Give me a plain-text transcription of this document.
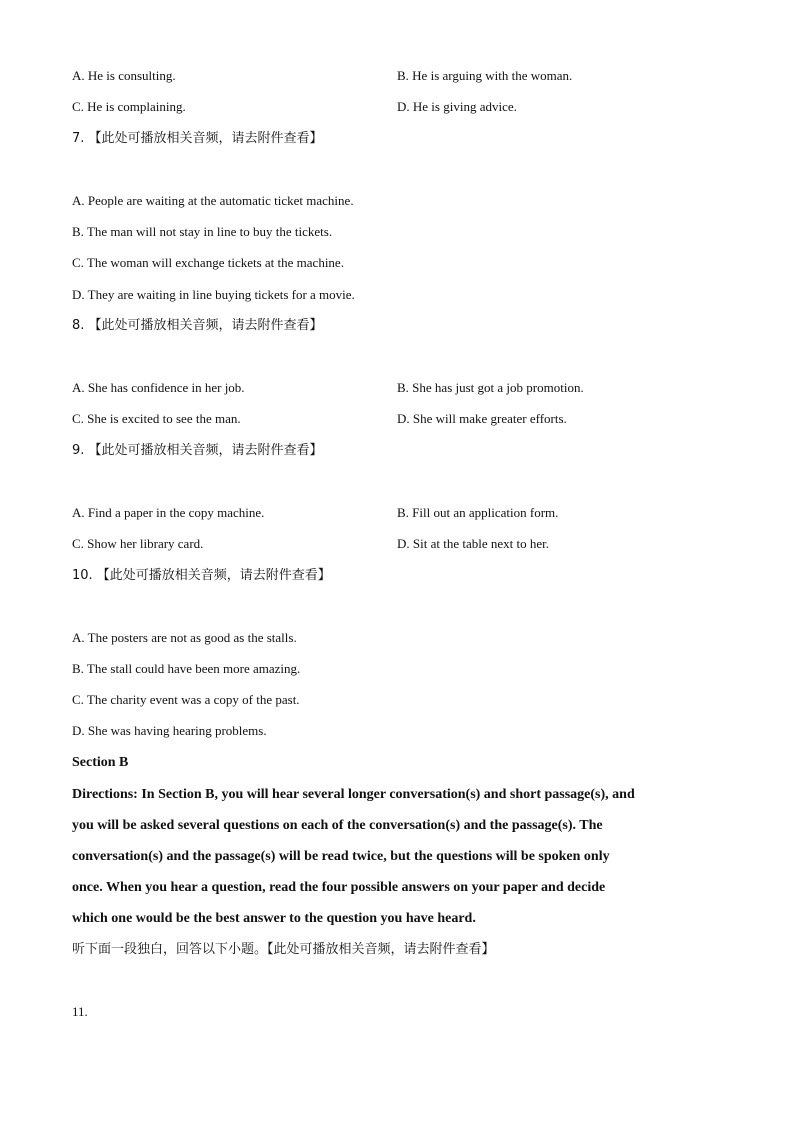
A. He is consulting.	B. He is arguing with the woman.
C. He is complaining.	D. He is giving advice.
7. 【此处可播放相关音频，请去附件查看】
A. People are waiting at the automatic ticket machine.
B. The man will not stay in line to buy the tickets.
C. The woman will exchange tickets at the machine.
D. They are waiting in line buying tickets for a movie.
8. 【此处可播放相关音频，请去附件查看】
A. She has confidence in her job.	B. She has just got a job promotion.
C. She is excited to see the man.	D. She will make greater efforts.
9. 【此处可播放相关音频，请去附件查看】
A. Find a paper in the copy machine.	B. Fill out an application form.
C. Show her library card.	D. Sit at the table next to her.
10. 【此处可播放相关音频，请去附件查看】
A. The posters are not as good as the stalls.
B. The stall could have been more amazing.
C. The charity event was a copy of the past.
D. She was having hearing problems.
Section B
Directions: In Section B, you will hear several longer conversation(s) and short passage(s), and
you will be asked several questions on each of the conversation(s) and the passage(s). The
conversation(s) and the passage(s) will be read twice, but the questions will be spoken only
once. When you hear a question, read the four possible answers on your paper and decide
which one would be the best answer to the question you have heard.
听下面一段独白，回答以下小题。【此处可播放相关音频，请去附件查看】
11.
